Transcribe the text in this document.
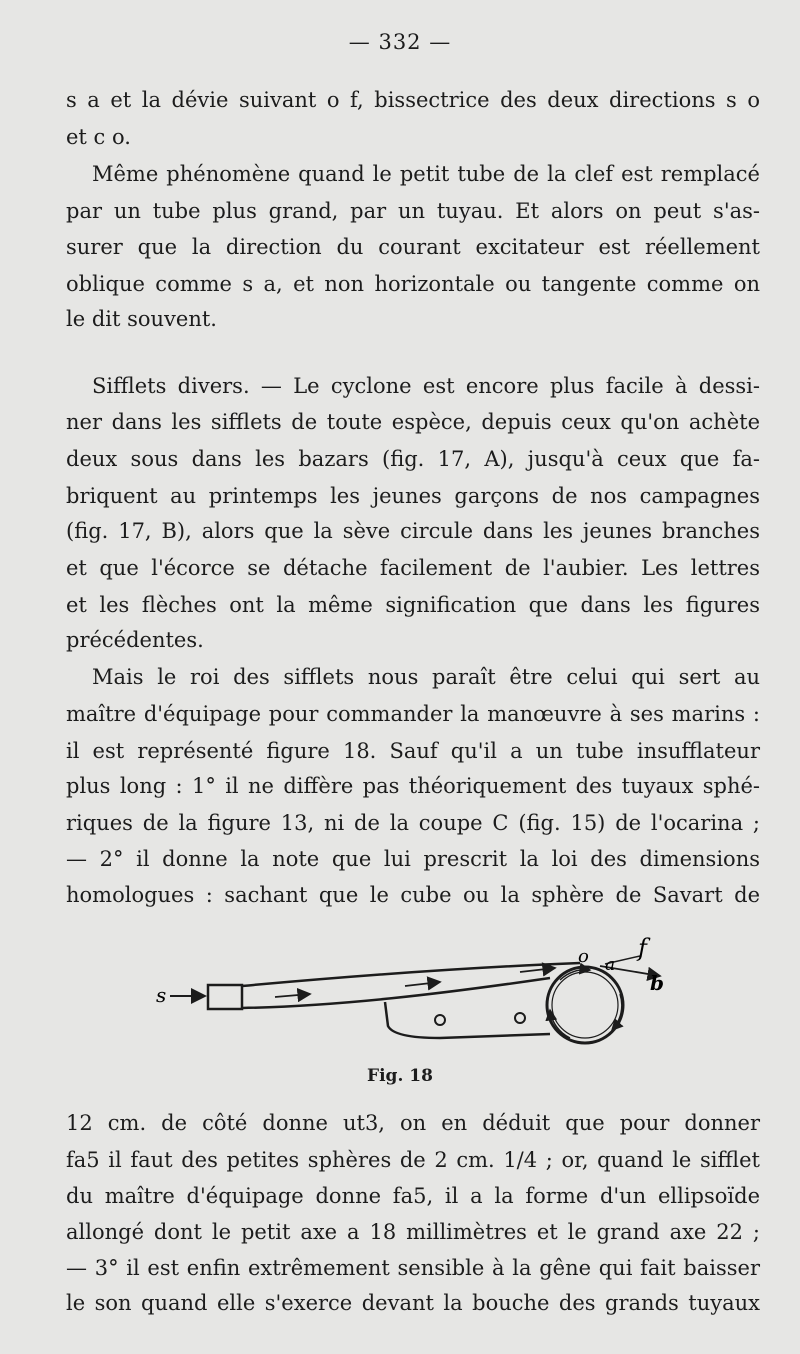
— 332 —
s a et la dévie suivant o f, bissectrice des deux directions s o
et c o.
Même phénomène quand le petit tube de la clef est remplacé
par un tube plus grand, par un tuyau. Et alors on peut s'as-
surer que la direction du courant excitateur est réellement
oblique comme s a, et non horizontale ou tangente comme on
le dit souvent.
Sifflets divers. — Le cyclone est encore plus facile à dessi-
ner dans les sifflets de toute espèce, depuis ceux qu'on achète
deux sous dans les bazars (fig. 17, A), jusqu'à ceux que fa-
briquent au printemps les jeunes garçons de nos campagnes
(fig. 17, B), alors que la sève circule dans les jeunes branches
et que l'écorce se détache facilement de l'aubier. Les lettres
et les flèches ont la même signification que dans les figures
précédentes.
Mais le roi des sifflets nous paraît être celui qui sert au
maître d'équipage pour commander la manœuvre à ses marins :
il est représenté figure 18. Sauf qu'il a un tube insufflateur
plus long : 1° il ne diffère pas théoriquement des tuyaux sphé-
riques de la figure 13, ni de la coupe C (fig. 15) de l'ocarina ;
— 2° il donne la note que lui prescrit la loi des dimensions
homologues : sachant que le cube ou la sphère de Savart de
s
o a
f
b
Fig. 18
12 cm. de côté donne ut3, on en déduit que pour donner
fa5 il faut des petites sphères de 2 cm. 1/4 ; or, quand le sifflet
du maître d'équipage donne fa5, il a la forme d'un ellipsoïde
allongé dont le petit axe a 18 millimètres et le grand axe 22 ;
— 3° il est enfin extrêmement sensible à la gêne qui fait baisser
le son quand elle s'exerce devant la bouche des grands tuyaux
